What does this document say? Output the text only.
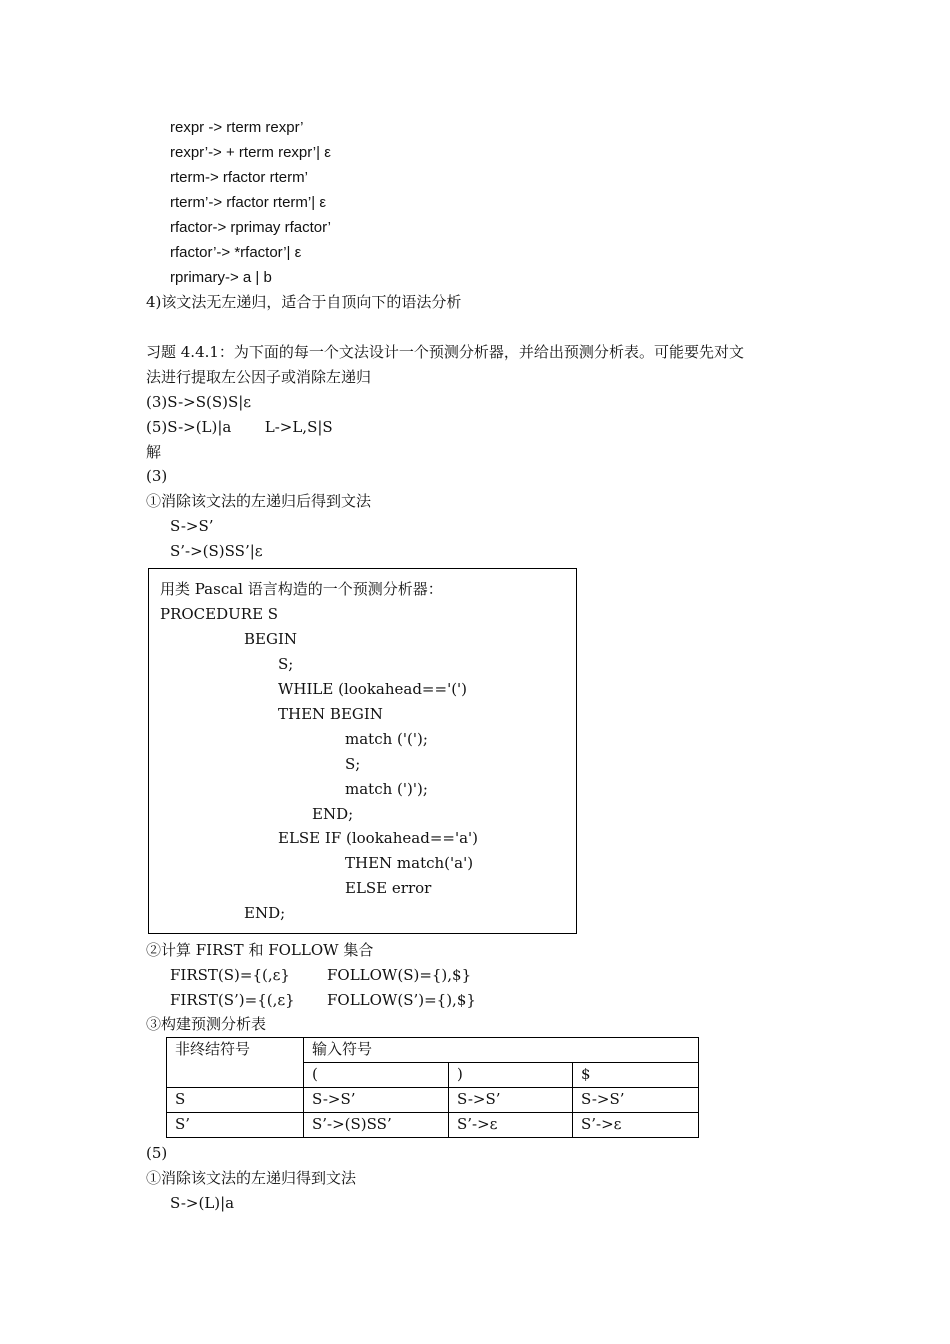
rexpr -> rterm rexpr’
rexpr’-> + rterm rexpr’| ε
rterm-> rfactor rterm’
rterm’-> rfactor rterm’| ε
rfactor-> rprimay rfactor’
rfactor’-> *rfactor’| ε
rprimary-> a | b
4)该文法无左递归，适合于自顶向下的语法分析
习题 4.4.1：为下面的每一个文法设计一个预测分析器，并给出预测分析表。可能要先对文
法进行提取左公因子或消除左递归
(3)S->S(S)S|ε
(5)S->(L)|a       L->L,S|S
解
(3)
①消除该文法的左递归后得到文法
S->S’
S’->(S)SS’|ε
用类 Pascal 语言构造的一个预测分析器：
PROCEDURE S
BEGIN
S;
WHILE (lookahead=='(')
THEN BEGIN
match ('(');
S;
match (')');
END;
ELSE IF (lookahead=='a')
THEN match('a')
ELSE error
END;
②计算 FIRST 和 FOLLOW 集合
FIRST(S)={(,ε} FOLLOW(S)={),$}
FIRST(S’)={(,ε} FOLLOW(S’)={),$}
③构建预测分析表
非终结符号	输入符号		
	(	)	$
S	S->S’	S->S’	S->S’
S’	S’->(S)SS’	S’->ε	S’->ε
(5)
①消除该文法的左递归得到文法
S->(L)|a
